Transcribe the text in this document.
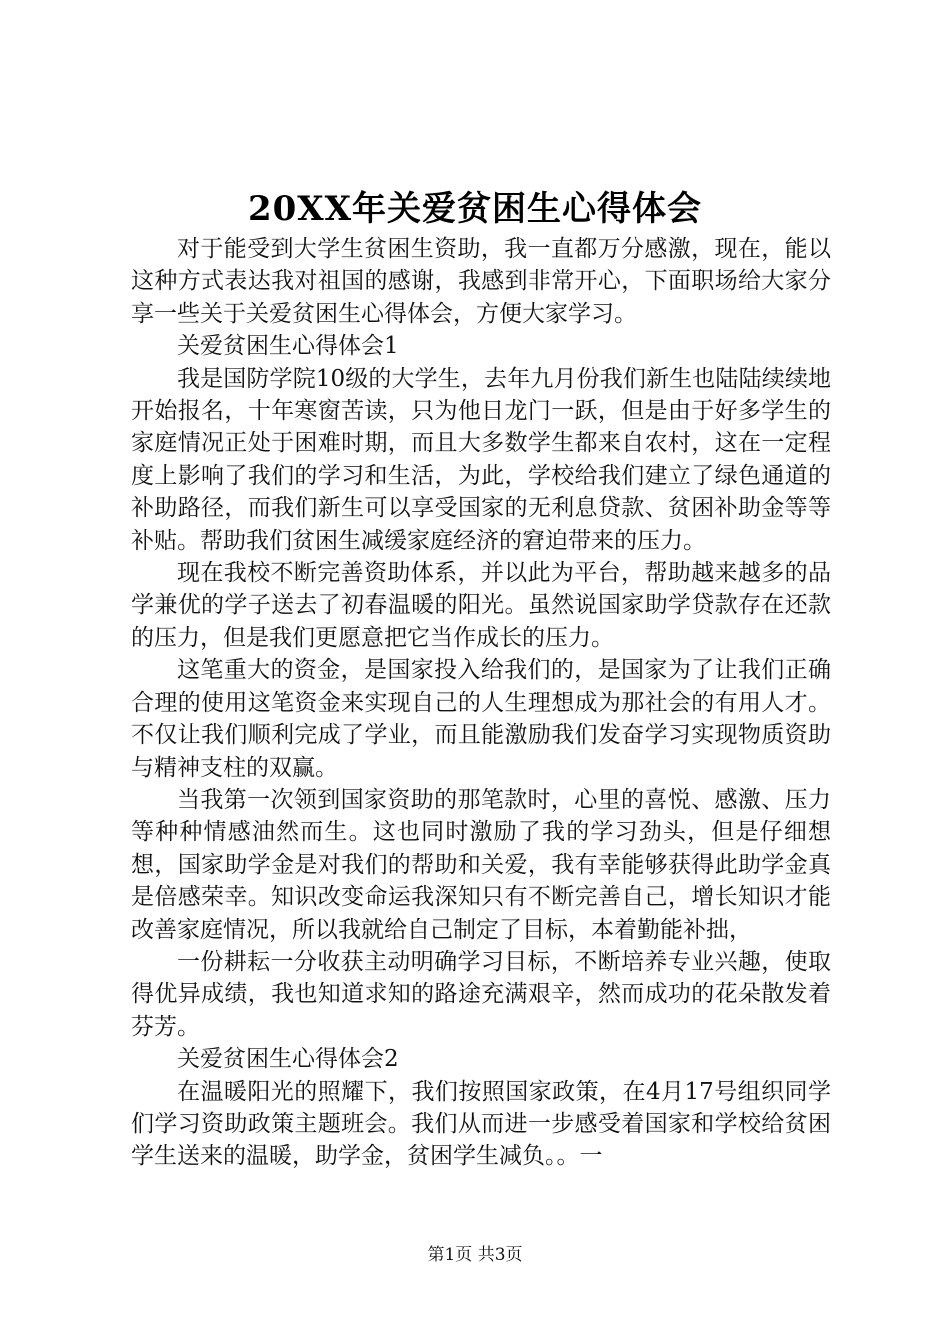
20XX年关爱贫困生心得体会

对于能受到大学生贫困生资助，我一直都万分感激，现在，能以这种方式表达我对祖国的感谢，我感到非常开心，下面职场给大家分享一些关于关爱贫困生心得体会，方便大家学习。

关爱贫困生心得体会1

我是国防学院10级的大学生，去年九月份我们新生也陆陆续续地开始报名，十年寒窗苦读，只为他日龙门一跃，但是由于好多学生的家庭情况正处于困难时期，而且大多数学生都来自农村，这在一定程度上影响了我们的学习和生活，为此，学校给我们建立了绿色通道的补助路径，而我们新生可以享受国家的无利息贷款、贫困补助金等等补贴。帮助我们贫困生减缓家庭经济的窘迫带来的压力。

现在我校不断完善资助体系，并以此为平台，帮助越来越多的品学兼优的学子送去了初春温暖的阳光。虽然说国家助学贷款存在还款的压力，但是我们更愿意把它当作成长的压力。

这笔重大的资金，是国家投入给我们的，是国家为了让我们正确合理的使用这笔资金来实现自己的人生理想成为那社会的有用人才。不仅让我们顺利完成了学业，而且能激励我们发奋学习实现物质资助与精神支柱的双赢。

当我第一次领到国家资助的那笔款时，心里的喜悦、感激、压力等种种情感油然而生。这也同时激励了我的学习劲头，但是仔细想想，国家助学金是对我们的帮助和关爱，我有幸能够获得此助学金真是倍感荣幸。知识改变命运我深知只有不断完善自己，增长知识才能改善家庭情况，所以我就给自己制定了目标，本着勤能补拙，

一份耕耘一分收获主动明确学习目标，不断培养专业兴趣，使取得优异成绩，我也知道求知的路途充满艰辛，然而成功的花朵散发着芬芳。

关爱贫困生心得体会2

在温暖阳光的照耀下，我们按照国家政策，在4月17号组织同学们学习资助政策主题班会。我们从而进一步感受着国家和学校给贫困学生送来的温暖，助学金，贫困学生减负。。一

第1页 共3页
